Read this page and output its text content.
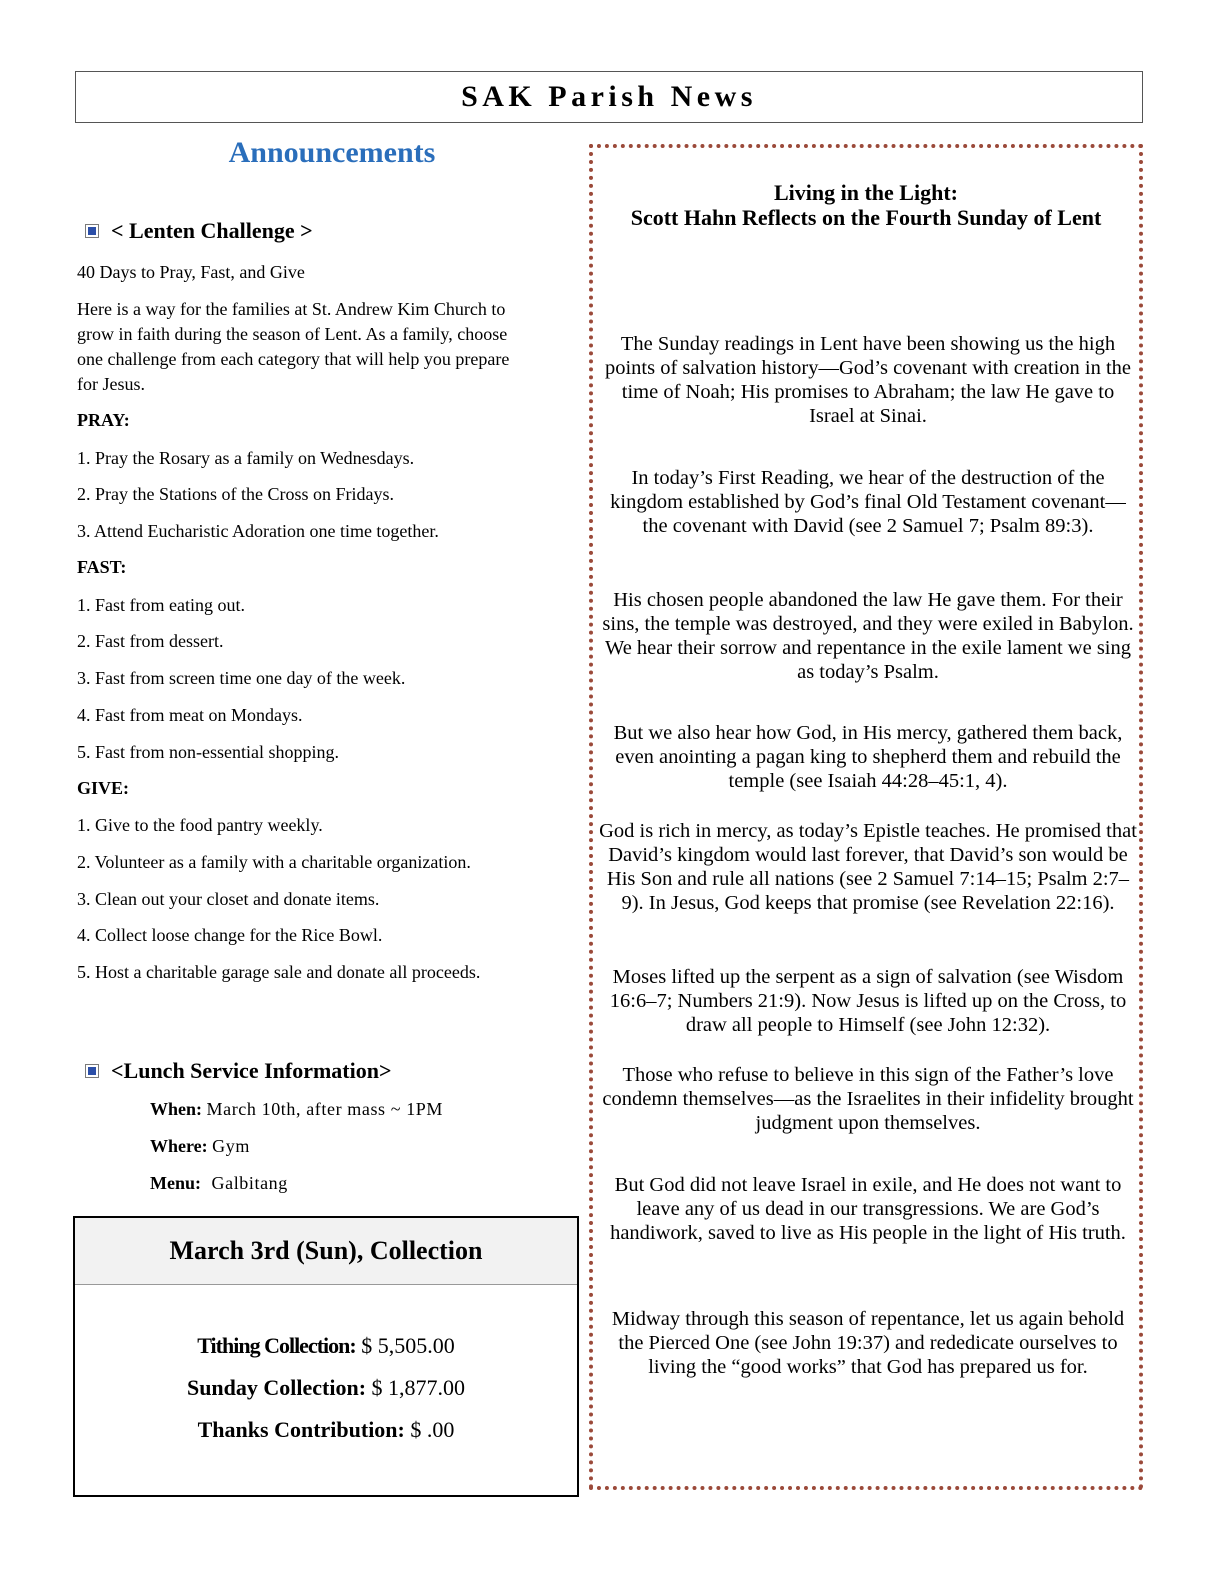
SAK Parish News
Announcements
< Lenten Challenge >
40 Days to Pray, Fast, and Give
Here is a way for the families at St. Andrew Kim Church to
grow in faith during the season of Lent. As a family, choose
one challenge from each category that will help you prepare
for Jesus.
PRAY:
1. Pray the Rosary as a family on Wednesdays.
2. Pray the Stations of the Cross on Fridays.
3. Attend Eucharistic Adoration one time together.
FAST:
1. Fast from eating out.
2. Fast from dessert.
3. Fast from screen time one day of the week.
4. Fast from meat on Mondays.
5. Fast from non-essential shopping.
GIVE:
1. Give to the food pantry weekly.
2. Volunteer as a family with a charitable organization.
3. Clean out your closet and donate items.
4. Collect loose change for the Rice Bowl.
5. Host a charitable garage sale and donate all proceeds.
<Lunch Service Information>
When: March 10th, after mass ~ 1PM
Where: Gym
Menu: Galbitang
March 3rd (Sun), Collection
Tithing Collection: $ 5,505.00
Sunday Collection: $ 1,877.00
Thanks Contribution: $ .00
Living in the Light:
Scott Hahn Reflects on the Fourth Sunday of Lent
The Sunday readings in Lent have been showing us the high points of salvation history—God’s covenant with creation in the time of Noah; His promises to Abraham; the law He gave to Israel at Sinai.
In today’s First Reading, we hear of the destruction of the kingdom established by God’s final Old Testament covenant—the covenant with David (see 2 Samuel 7; Psalm 89:3).
His chosen people abandoned the law He gave them. For their sins, the temple was destroyed, and they were exiled in Babylon. We hear their sorrow and repentance in the exile lament we sing as today’s Psalm.
But we also hear how God, in His mercy, gathered them back, even anointing a pagan king to shepherd them and rebuild the temple (see Isaiah 44:28–45:1, 4).
God is rich in mercy, as today’s Epistle teaches. He promised that David’s kingdom would last forever, that David’s son would be His Son and rule all nations (see 2 Samuel 7:14–15; Psalm 2:7–9). In Jesus, God keeps that promise (see Revelation 22:16).
Moses lifted up the serpent as a sign of salvation (see Wisdom 16:6–7; Numbers 21:9). Now Jesus is lifted up on the Cross, to draw all people to Himself (see John 12:32).
Those who refuse to believe in this sign of the Father’s love condemn themselves—as the Israelites in their infidelity brought judgment upon themselves.
But God did not leave Israel in exile, and He does not want to leave any of us dead in our transgressions. We are God’s handiwork, saved to live as His people in the light of His truth.
Midway through this season of repentance, let us again behold the Pierced One (see John 19:37) and rededicate ourselves to living the “good works” that God has prepared us for.
